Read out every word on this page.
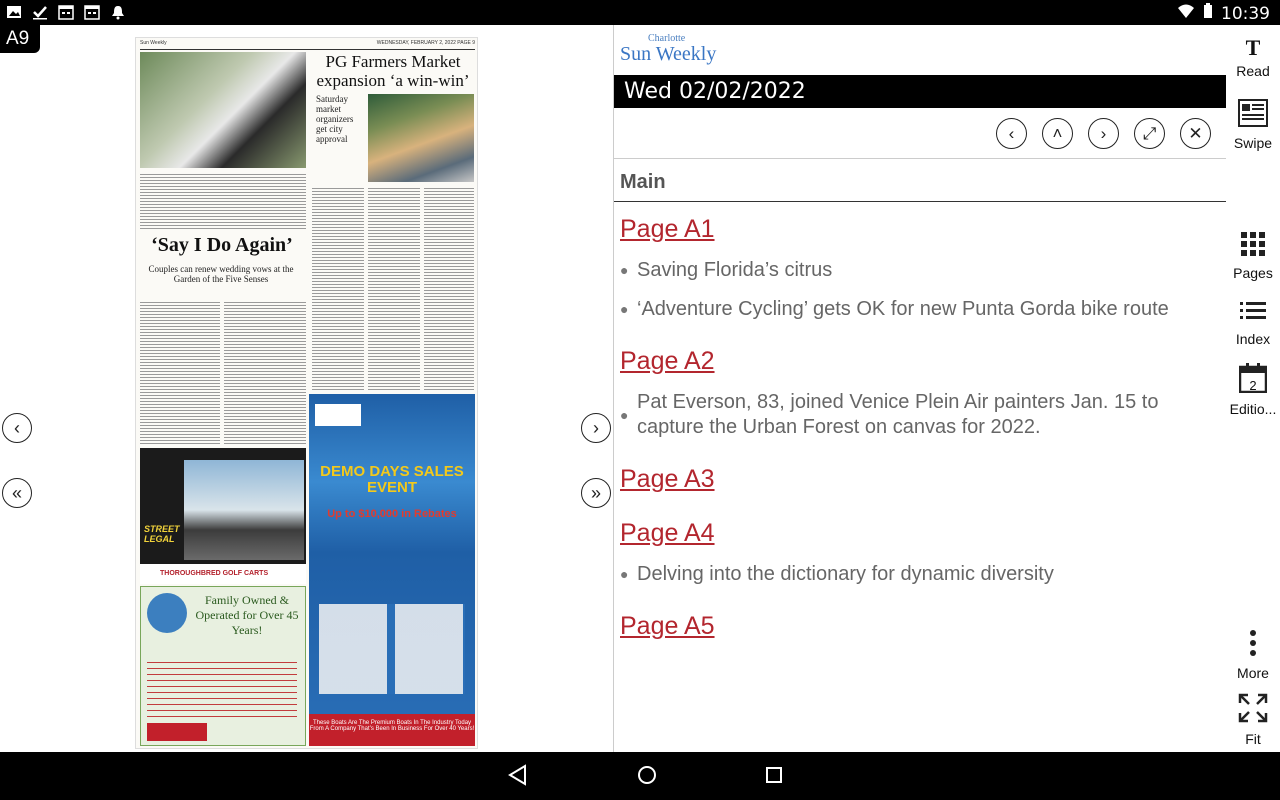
10:39
Sun Weekly	WEDNESDAY, FEBRUARY 2, 2022 PAGE 9
PG Farmers Market expansion ‘a win-win’
Saturday market organizers get city approval
‘Say I Do Again’
Couples can renew wedding vows at the Garden of the Five Senses
STREET LEGAL
THOROUGHBRED GOLF CARTS
Family Owned & Operated for Over 45 Years!
DEMO DAYS SALES EVENT
Up to $10,000 in Rebates
These Boats Are The Premium Boats In The Industry Today From A Company That’s Been In Business For Over 40 Years!
‹
«
›
»
A9	Charlotte
Sun Weekly
Wed 02/02/2022
‹ ˄ › ⤢ ✕
Main
Page A1
● Saving Florida’s citrus
● ‘Adventure Cycling’ gets OK for new Punta Gorda bike route
Page A2
●
Pat Everson, 83, joined Venice Plein Air painters Jan. 15 to capture the Urban Forest on canvas for 2022.
Page A3
Page A4
● Delving into the dictionary for dynamic diversity
Page A5
T
Read
Swipe
Pages
Index
2
Editio...
More
Fit
